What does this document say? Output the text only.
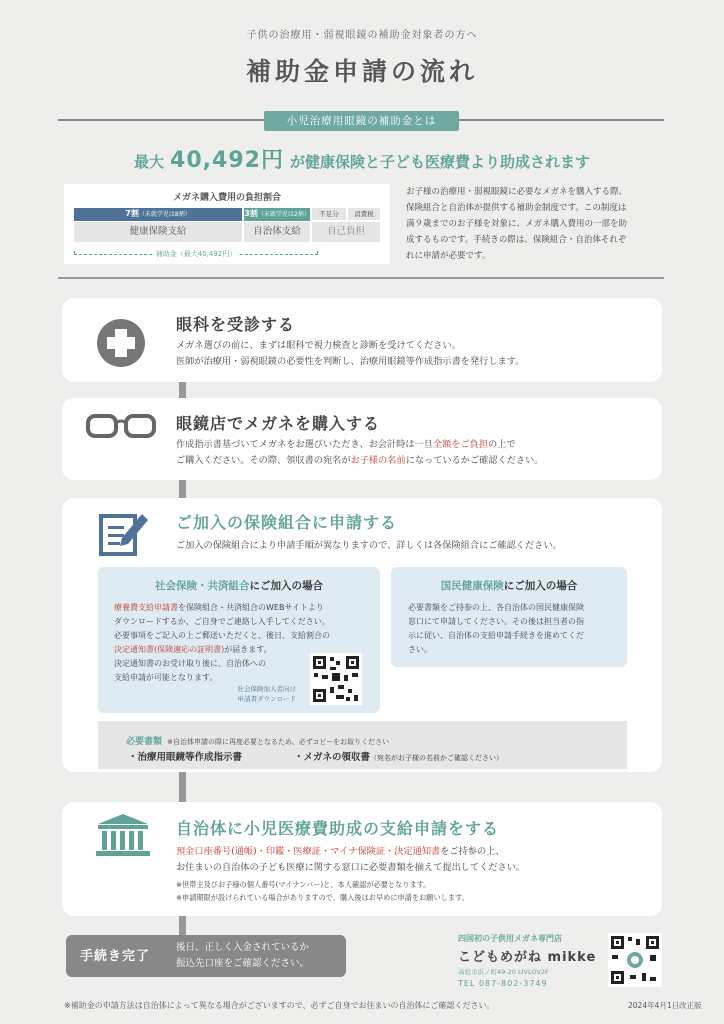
子供の治療用・弱視眼鏡の補助金対象者の方へ
補助金申請の流れ
小児治療用眼鏡の補助金とは
最大 40,492円 が健康保険と子ども医療費より助成されます
メガネ購入費用の負担割合
7割（未就学児は8割）	3割（未就学児は2割）	不足分	消費税
健康保険支給	自治体支給	自己負担
補助金（最大40,492円）
お子様の治療用・弱視眼鏡に必要なメガネを購入する際、
保険組合と自治体が提供する補助金制度です。この制度は
満９歳までのお子様を対象に、メガネ購入費用の一部を助
成するものです。手続きの際は、保険組合・自治体それぞ
れに申請が必要です。
眼科を受診する
メガネ選びの前に、まずは眼科で視力検査と診断を受けてください。
医師が治療用・弱視眼鏡の必要性を判断し、治療用眼鏡等作成指示書を発行します。
眼鏡店でメガネを購入する
作成指示書基づいてメガネをお選びいただき、お会計時は一旦全額をご負担の上で
ご購入ください。その際、領収書の宛名がお子様の名前になっているかご確認ください。
ご加入の保険組合に申請する
ご加入の保険組合により申請手順が異なりますので、詳しくは各保険組合にご確認ください。
社会保険・共済組合にご加入の場合
療養費支給申請書を保険組合・共済組合のWEBサイトより
ダウンロードするか、ご自身でご連絡し入手してください。
必要事項をご記入の上ご郵送いただくと、後日、支給割合の
決定通知書(保険適応の証明書)が届きます。
決定通知書のお受け取り後に、自治体への
支給申請が可能となります。
社会保険加入者向け
申請書ダウンロード
国民健康保険にご加入の場合
必要書類をご持参の上、各自治体の国民健康保険
窓口にて申請してください。その後は担当者の指
示に従い、自治体の支給申請手続きを進めてくだ
さい。
必要書類 ※自治体申請の際に再度必要となるため、必ずコピーをお取りください
・治療用眼鏡等作成指示書	・メガネの領収書（宛名がお子様の名前かご確認ください）
自治体に小児医療費助成の支給申請をする
預金口座番号(通帳)・印鑑・医療証・マイナ保険証・決定通知書をご持参の上、
お住まいの自治体の子ども医療に関する窓口に必要書類を揃えて提出してください。
※世帯主及びお子様の個人番号(マイナンバー)と、本人確認が必要となります。
※申請期限が設けられている場合がありますので、購入後はお早めに申請をお願いします。
手続き完了
後日、正しく入金されているか
振込先口座をご確認ください。
四国初の子供用メガネ専門店
こどもめがね mikke
高松市浜ノ町49-20 LIVLOV2F
TEL 087-802-3749
※補助金の申請方法は自治体によって異なる場合がございますので、必ずご自身でお住まいの自治体にご確認ください。	2024年4月1日改正版
